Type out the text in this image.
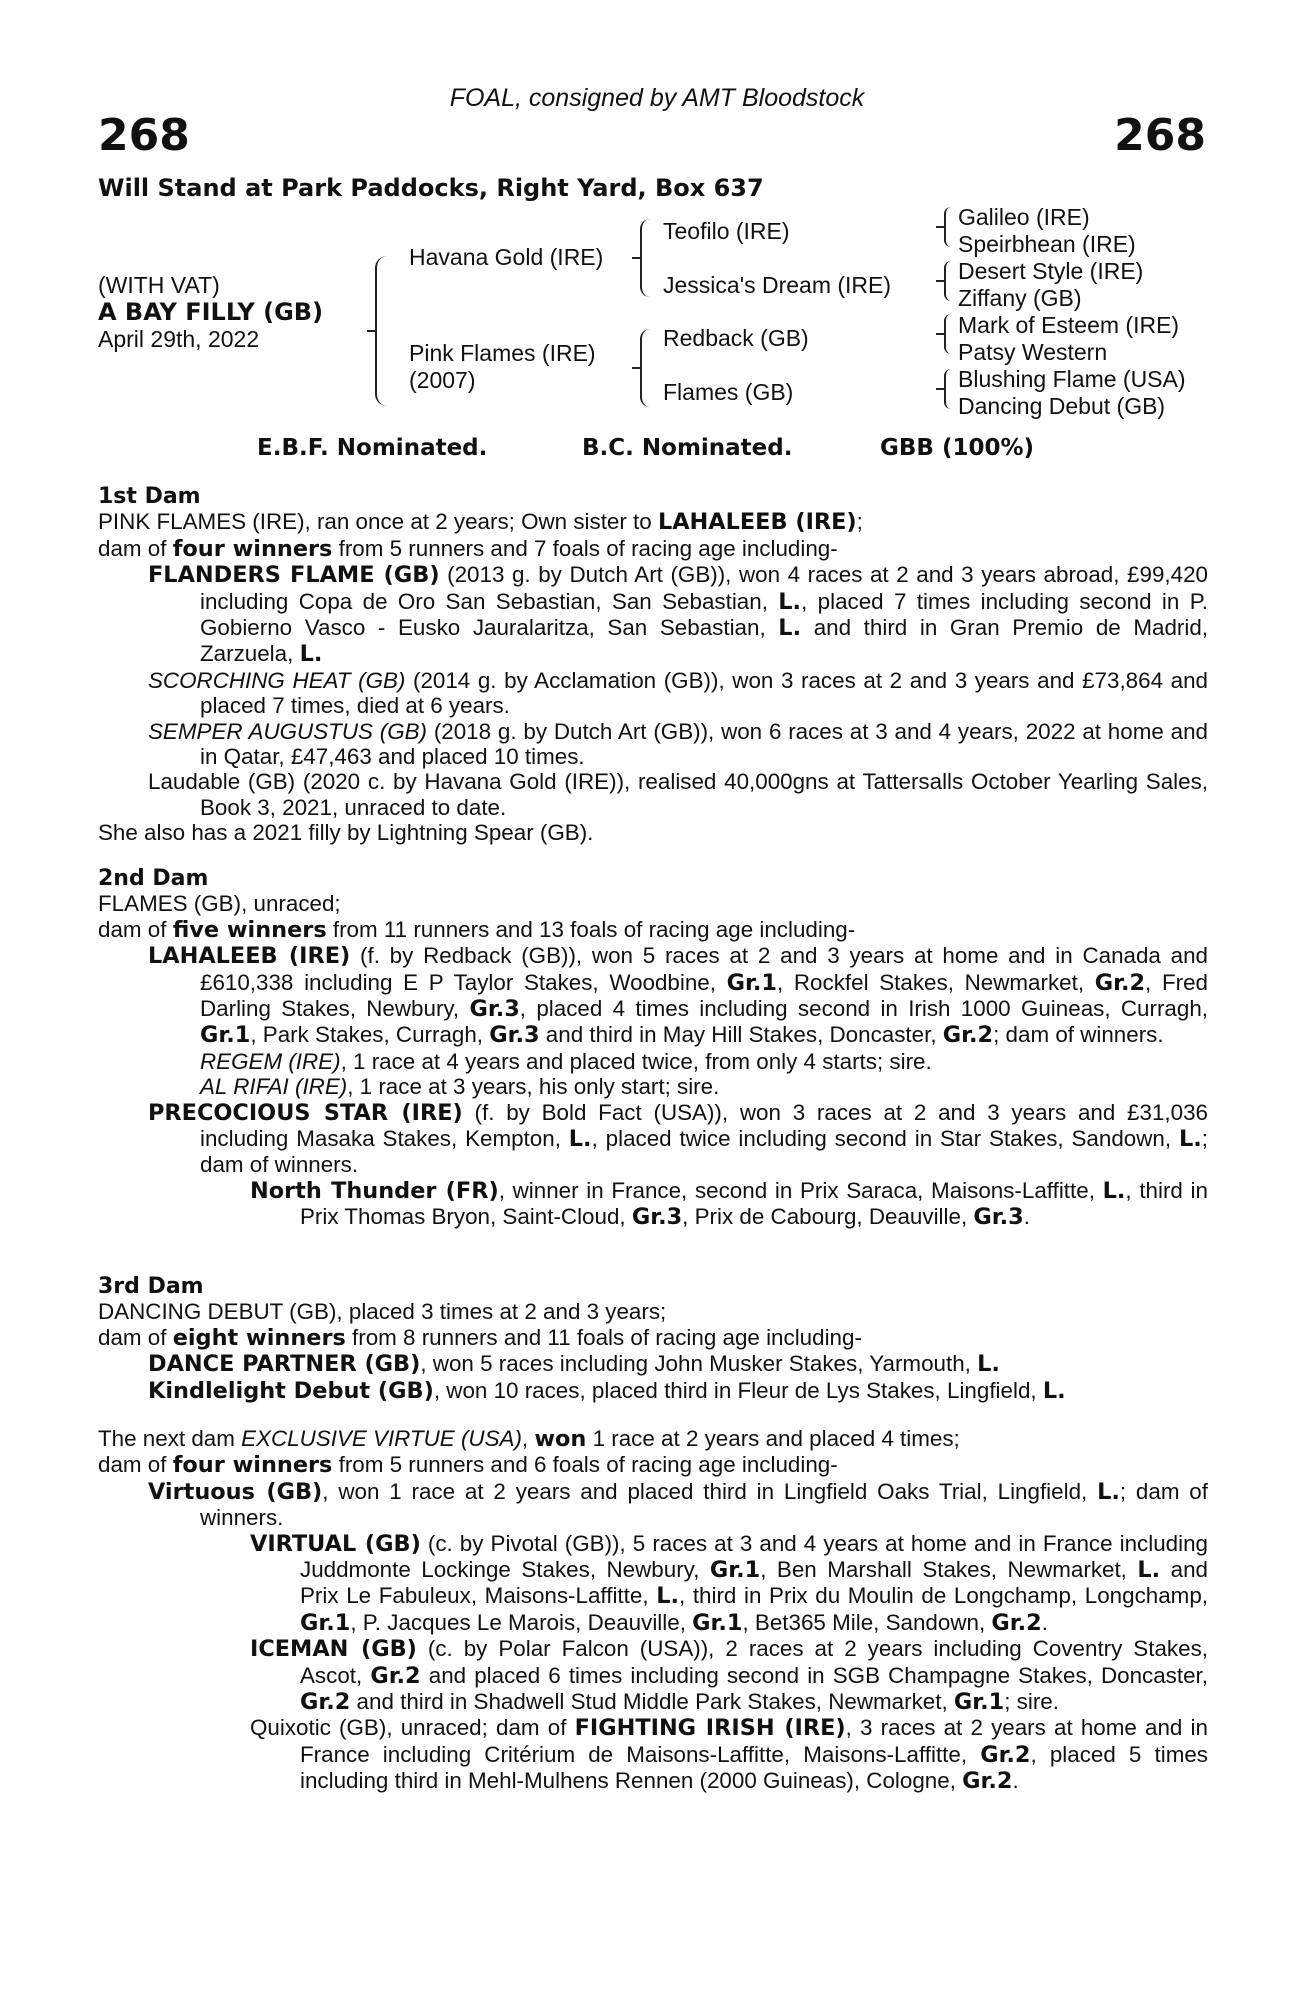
FOAL, consigned by AMT Bloodstock
268	268
Will Stand at Park Paddocks, Right Yard, Box 637
(WITH VAT)
A BAY FILLY (GB)
April 29th, 2022
Havana Gold (IRE)
Pink Flames (IRE)
(2007)
Teofilo (IRE)
Jessica's Dream (IRE)
Redback (GB)
Flames (GB)
Galileo (IRE)
Speirbhean (IRE)
Desert Style (IRE)
Ziffany (GB)
Mark of Esteem (IRE)
Patsy Western
Blushing Flame (USA)
Dancing Debut (GB)
E.B.F. Nominated.	B.C. Nominated.	GBB (100%)
1st Dam
PINK FLAMES (IRE), ran once at 2 years; Own sister to LAHALEEB (IRE);
dam of four winners from 5 runners and 7 foals of racing age including-
FLANDERS FLAME (GB) (2013 g. by Dutch Art (GB)), won 4 races at 2 and 3 years abroad, £99,420 including Copa de Oro San Sebastian, San Sebastian, L., placed 7 times including second in P. Gobierno Vasco - Eusko Jauralaritza, San Sebastian, L. and third in Gran Premio de Madrid, Zarzuela, L.
SCORCHING HEAT (GB) (2014 g. by Acclamation (GB)), won 3 races at 2 and 3 years and £73,864 and placed 7 times, died at 6 years.
SEMPER AUGUSTUS (GB) (2018 g. by Dutch Art (GB)), won 6 races at 3 and 4 years, 2022 at home and in Qatar, £47,463 and placed 10 times.
Laudable (GB) (2020 c. by Havana Gold (IRE)), realised 40,000gns at Tattersalls October Yearling Sales, Book 3, 2021, unraced to date.
She also has a 2021 filly by Lightning Spear (GB).
2nd Dam
FLAMES (GB), unraced;
dam of five winners from 11 runners and 13 foals of racing age including-
LAHALEEB (IRE) (f. by Redback (GB)), won 5 races at 2 and 3 years at home and in Canada and £610,338 including E P Taylor Stakes, Woodbine, Gr.1, Rockfel Stakes, Newmarket, Gr.2, Fred Darling Stakes, Newbury, Gr.3, placed 4 times including second in Irish 1000 Guineas, Curragh, Gr.1, Park Stakes, Curragh, Gr.3 and third in May Hill Stakes, Doncaster, Gr.2; dam of winners.
REGEM (IRE), 1 race at 4 years and placed twice, from only 4 starts; sire.
AL RIFAI (IRE), 1 race at 3 years, his only start; sire.
PRECOCIOUS STAR (IRE) (f. by Bold Fact (USA)), won 3 races at 2 and 3 years and £31,036 including Masaka Stakes, Kempton, L., placed twice including second in Star Stakes, Sandown, L.; dam of winners.
North Thunder (FR), winner in France, second in Prix Saraca, Maisons-Laffitte, L., third in Prix Thomas Bryon, Saint-Cloud, Gr.3, Prix de Cabourg, Deauville, Gr.3.
3rd Dam
DANCING DEBUT (GB), placed 3 times at 2 and 3 years;
dam of eight winners from 8 runners and 11 foals of racing age including-
DANCE PARTNER (GB), won 5 races including John Musker Stakes, Yarmouth, L.
Kindlelight Debut (GB), won 10 races, placed third in Fleur de Lys Stakes, Lingfield, L.
The next dam EXCLUSIVE VIRTUE (USA), won 1 race at 2 years and placed 4 times;
dam of four winners from 5 runners and 6 foals of racing age including-
Virtuous (GB), won 1 race at 2 years and placed third in Lingfield Oaks Trial, Lingfield, L.; dam of winners.
VIRTUAL (GB) (c. by Pivotal (GB)), 5 races at 3 and 4 years at home and in France including Juddmonte Lockinge Stakes, Newbury, Gr.1, Ben Marshall Stakes, Newmarket, L. and Prix Le Fabuleux, Maisons-Laffitte, L., third in Prix du Moulin de Longchamp, Longchamp, Gr.1, P. Jacques Le Marois, Deauville, Gr.1, Bet365 Mile, Sandown, Gr.2.
ICEMAN (GB) (c. by Polar Falcon (USA)), 2 races at 2 years including Coventry Stakes, Ascot, Gr.2 and placed 6 times including second in SGB Champagne Stakes, Doncaster, Gr.2 and third in Shadwell Stud Middle Park Stakes, Newmarket, Gr.1; sire.
Quixotic (GB), unraced; dam of FIGHTING IRISH (IRE), 3 races at 2 years at home and in France including Critérium de Maisons-Laffitte, Maisons-Laffitte, Gr.2, placed 5 times including third in Mehl-Mulhens Rennen (2000 Guineas), Cologne, Gr.2.
